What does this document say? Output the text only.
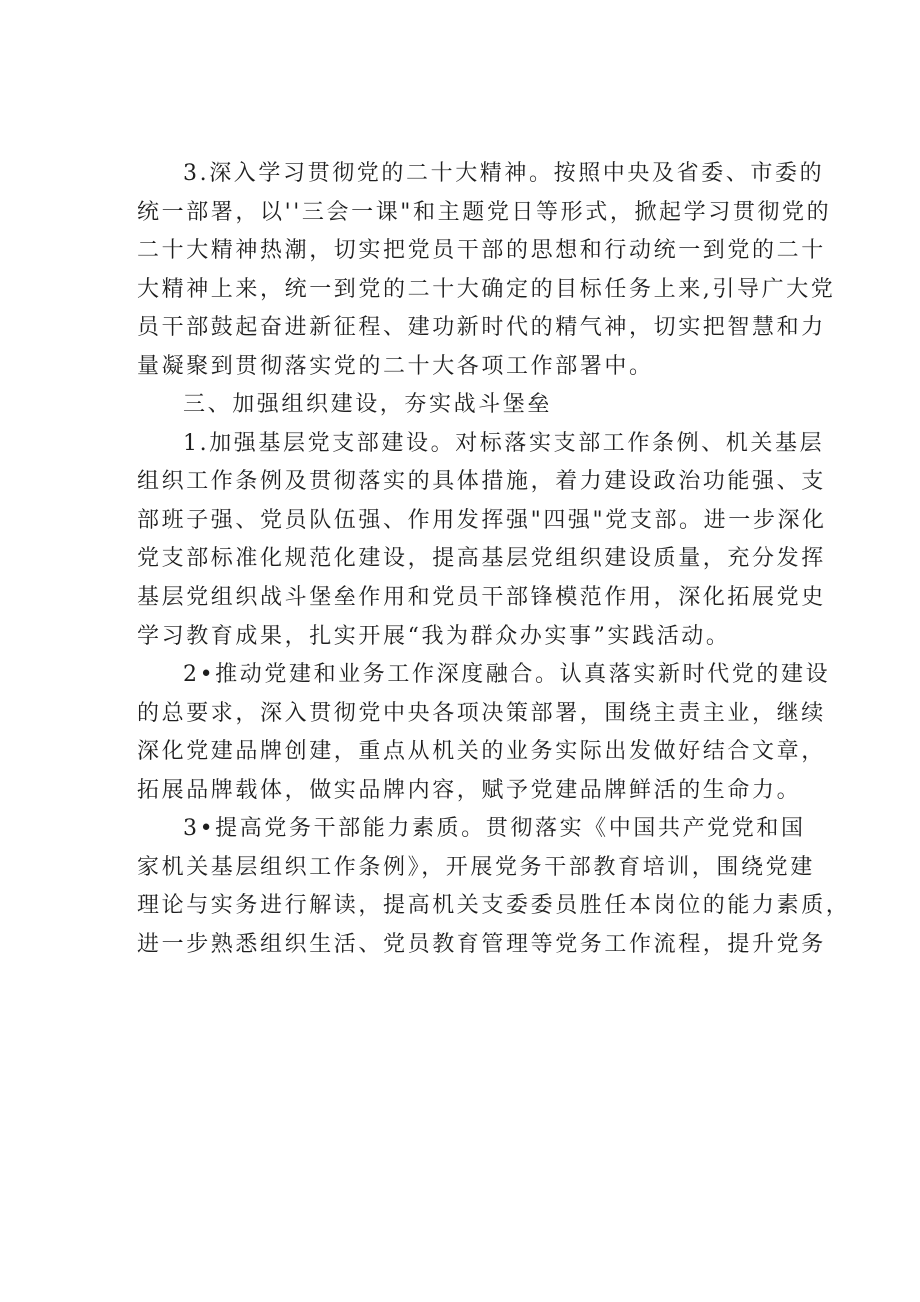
3.深入学习贯彻党的二十大精神。按照中央及省委、市委的
统一部署，以''三会一课"和主题党日等形式，掀起学习贯彻党的
二十大精神热潮，切实把党员干部的思想和行动统一到党的二十
大精神上来，统一到党的二十大确定的目标任务上来,引导广大党
员干部鼓起奋进新征程、建功新时代的精气神，切实把智慧和力
量凝聚到贯彻落实党的二十大各项工作部署中。
三、加强组织建设，夯实战斗堡垒
1.加强基层党支部建设。对标落实支部工作条例、机关基层
组织工作条例及贯彻落实的具体措施，着力建设政治功能强、支
部班子强、党员队伍强、作用发挥强"四强"党支部。进一步深化
党支部标准化规范化建设，提高基层党组织建设质量，充分发挥
基层党组织战斗堡垒作用和党员干部锋模范作用，深化拓展党史
学习教育成果，扎实开展“我为群众办实事”实践活动。
2•推动党建和业务工作深度融合。认真落实新时代党的建设
的总要求，深入贯彻党中央各项决策部署，围绕主责主业，继续
深化党建品牌创建，重点从机关的业务实际出发做好结合文章，
拓展品牌载体，做实品牌内容，赋予党建品牌鲜活的生命力。
3•提高党务干部能力素质。贯彻落实《中国共产党党和国
家机关基层组织工作条例》，开展党务干部教育培训，围绕党建
理论与实务进行解读，提高机关支委委员胜任本岗位的能力素质，
进一步熟悉组织生活、党员教育管理等党务工作流程，提升党务
